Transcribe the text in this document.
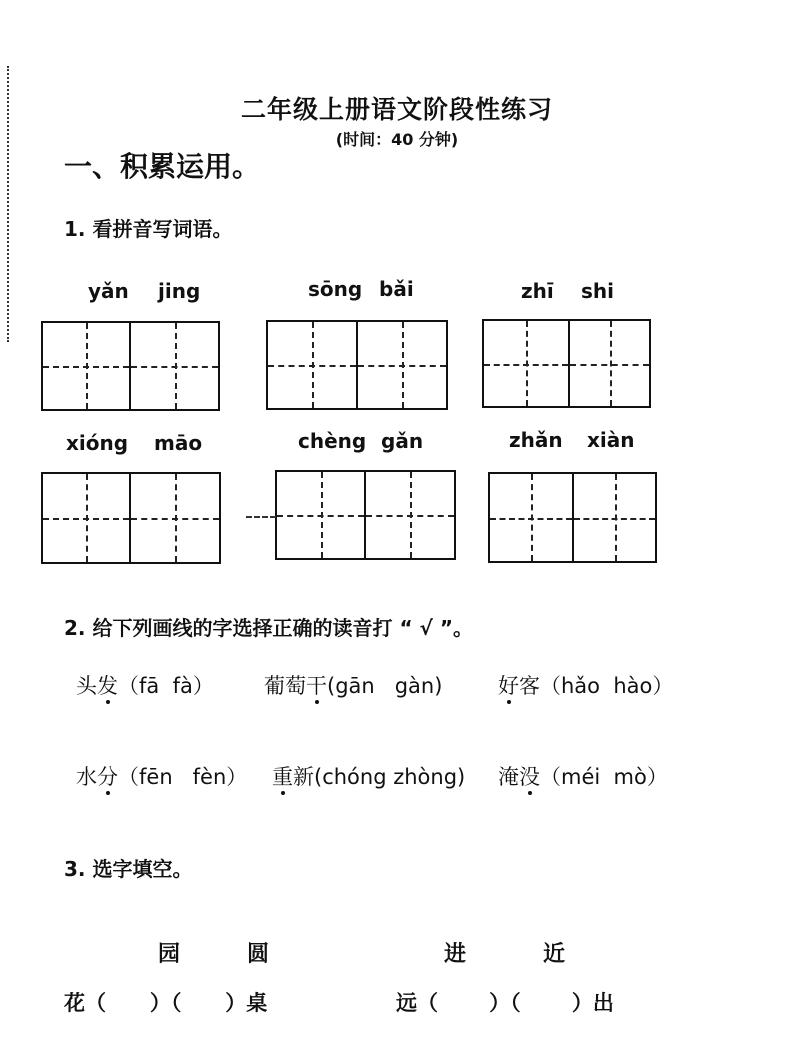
二年级上册语文阶段性练习
(时间：40 分钟)
一、积累运用。
1. 看拼音写词语。
yǎn jing	sōng bǎi	zhī shi
xióng māo	chèng gǎn	zhǎn xiàn
2. 给下列画线的字选择正确的读音打 “ √ ”。
头发（fā  fà） 葡萄干(gān   gàn)	好客（hǎo  hào）
水分（fēn   fèn） 重新(chóng zhòng) 淹没（méi  mò）
3. 选字填空。
园	圆	进	近
花（      ）（      ）桌	远（       ）（       ）出
